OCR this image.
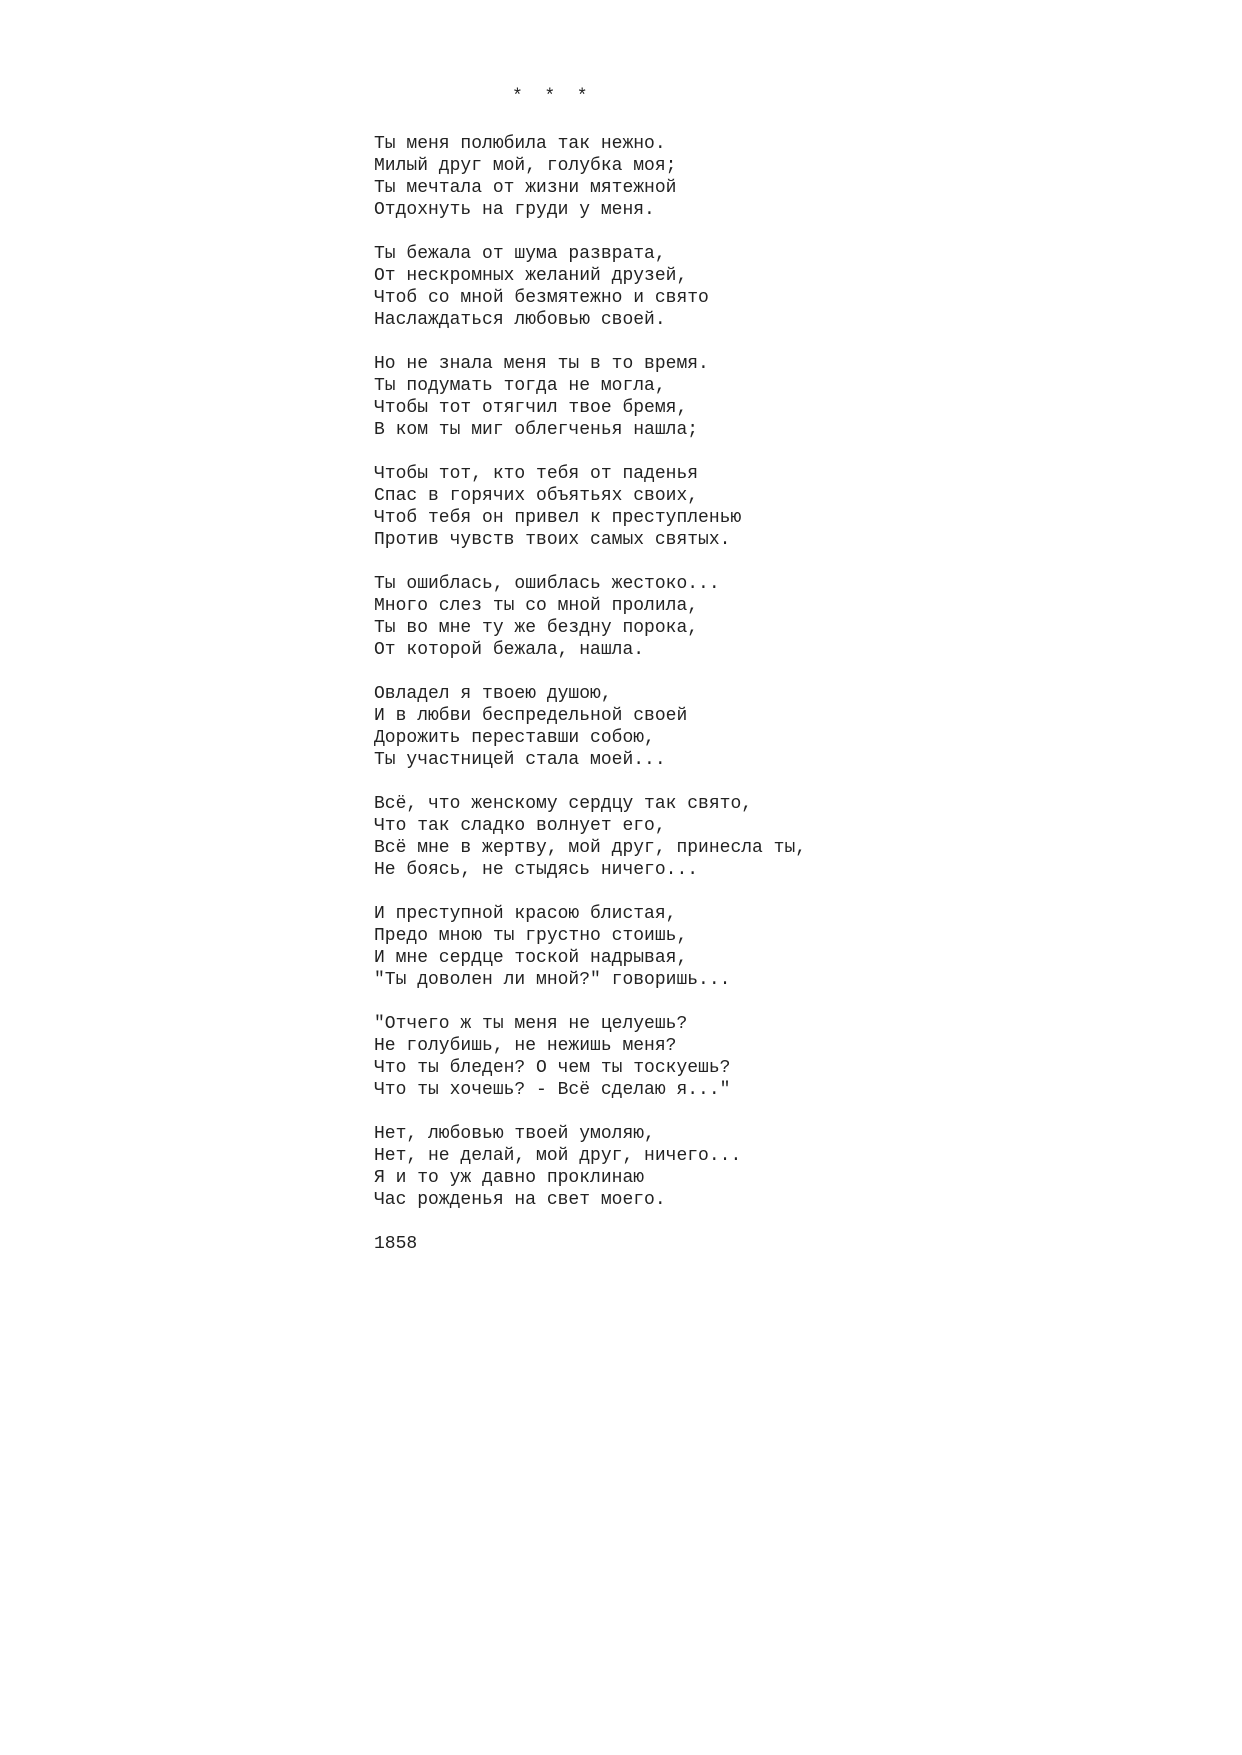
*  *  *
Ты меня полюбила так нежно.
Милый друг мой, голубка моя;
Ты мечтала от жизни мятежной
Отдохнуть на груди у меня.
Ты бежала от шума разврата,
От нескромных желаний друзей,
Чтоб со мной безмятежно и свято
Наслаждаться любовью своей.
Но не знала меня ты в то время.
Ты подумать тогда не могла,
Чтобы тот отягчил твое бремя,
В ком ты миг облегченья нашла;
Чтобы тот, кто тебя от паденья
Спас в горячих объятьях своих,
Чтоб тебя он привел к преступленью
Против чувств твоих самых святых.
Ты ошиблась, ошиблась жестоко...
Много слез ты со мной пролила,
Ты во мне ту же бездну порока,
От которой бежала, нашла.
Овладел я твоею душою,
И в любви беспредельной своей
Дорожить переставши собою,
Ты участницей стала моей...
Всё, что женскому сердцу так свято,
Что так сладко волнует его,
Всё мне в жертву, мой друг, принесла ты,
Не боясь, не стыдясь ничего...
И преступной красою блистая,
Предо мною ты грустно стоишь,
И мне сердце тоской надрывая,
"Ты доволен ли мной?" говоришь...
"Отчего ж ты меня не целуешь?
Не голубишь, не нежишь меня?
Что ты бледен? О чем ты тоскуешь?
Что ты хочешь? - Всё сделаю я..."
Нет, любовью твоей умоляю,
Нет, не делай, мой друг, ничего...
Я и то уж давно проклинаю
Час рожденья на свет моего.
1858
